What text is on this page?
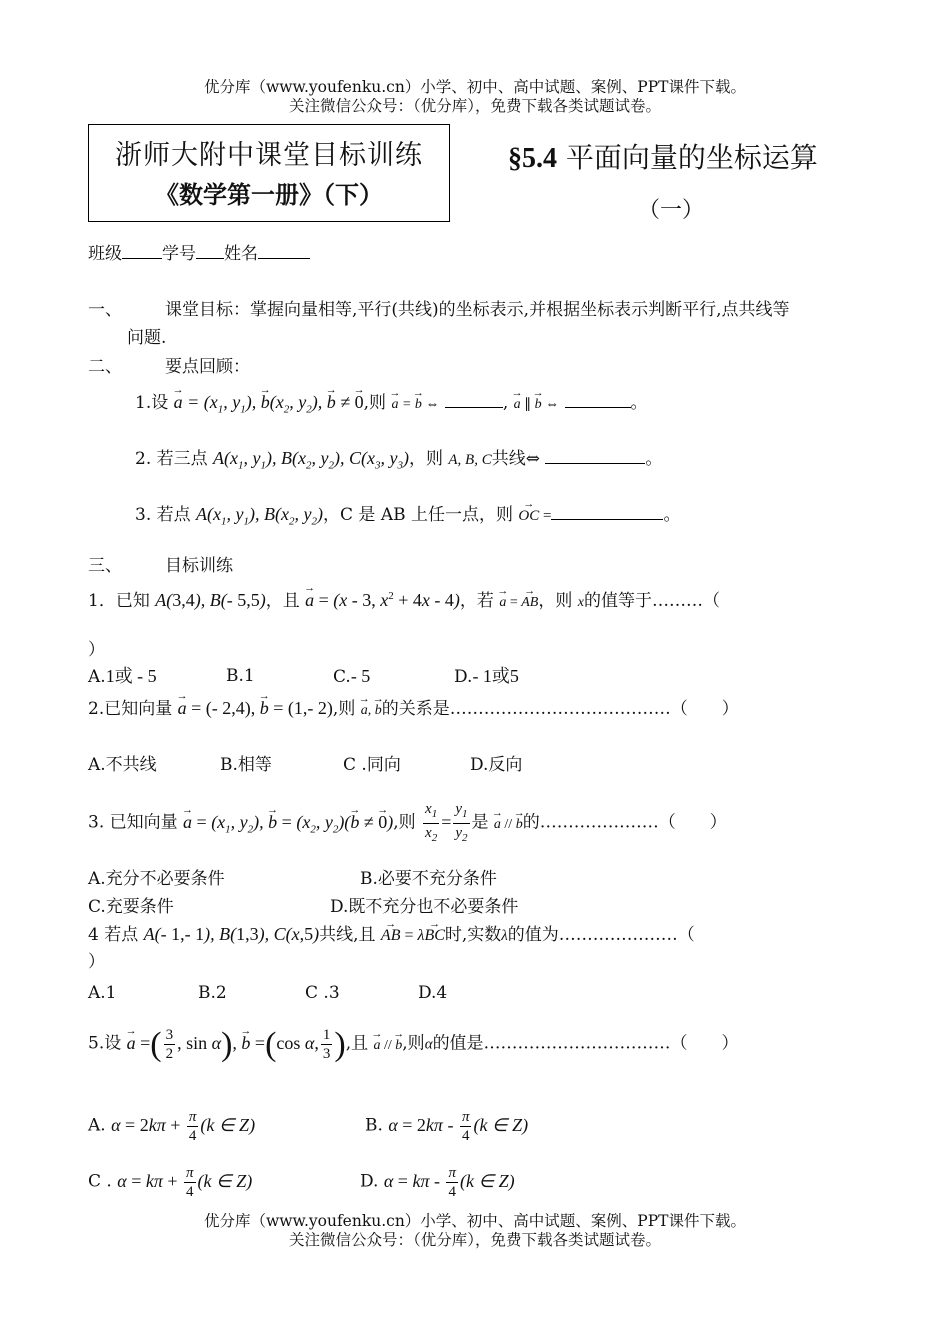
优分库（www.youfenku.cn）小学、初中、高中试题、案例、PPT课件下载。
关注微信公众号：（优分库），免费下载各类试题试卷。
浙师大附中课堂目标训练
《数学第一册》（下）
§5.4 平面向量的坐标运算
（一）
班级 学号 姓名
一、	课堂目标：掌握向量相等,平行(共线)的坐标表示,并根据坐标表示判断平行,点共线等
问题.
二、	要点回顾：
1.设 → $a = (x_1$, $y_1$), → $b(x_2$, $y_2$), → b ≠ → 0,则 → a = → b ⇔	, → a ∥ → b ⇔	。
2. 若三点 $A(x_1$, $y_1$), $B(x_2$, $y_2$), $C(x_3$, $y_3$)，则 A, B, C共线⇔	。
3. 若点 $A(x_1$, $y_1$), $B(x_2$, $y_2$)，C 是 AB 上任一点，则 → OC =	。
三、	目标训练
1．已知 A(3,4), B(- 5,5)，且 → a = (x - 3, $x^2 + 4x - 4$)，若 → a = → AB，则 x的值等于………（
）
A.1或 - 5	B.1	C.- 5	D.- 1或5
2.已知向量 → a = (- 2,4), → b = (1,- 2),则 → a, → b的关系是…………………………………（　　）
A.不共线	B.相等	C .同向	D.反向
3. 已知向量 → $a = (x_1$, $y_2$), → $b = (x_2$, $y_2)(\to b$ ≠ → 0),则 $\frac{x_1}{x_2} = \frac{y_1}{y_2}$ 是 → a // → b的…………………（　　）
A.充分不必要条件	B.必要不充分条件
C.充要条件	D.既不充分也不必要条件
4 若点 A(- 1,- 1), B(1,3), C(x,5)共线,且 → AB = λ→ BC时,实数λ的值为…………………（
）
A.1	B.2	C .3	D.4
5.设 → a =( $\frac{3}{2}$ , sin α), → b =(cos α, $\frac{1}{3}$ ),且 → a // → b,则α的值是……………………………（　　）
A. $\alpha = 2k\pi + \frac{\pi}{4} (k$ ∈ Z)	B. $\alpha = 2k\pi - \frac{\pi}{4} (k$ ∈ Z)
C . $\alpha = k\pi + \frac{\pi}{4} (k$ ∈ Z)	D. $\alpha = k\pi - \frac{\pi}{4} (k$ ∈ Z)
优分库（www.youfenku.cn）小学、初中、高中试题、案例、PPT课件下载。
关注微信公众号：（优分库），免费下载各类试题试卷。
